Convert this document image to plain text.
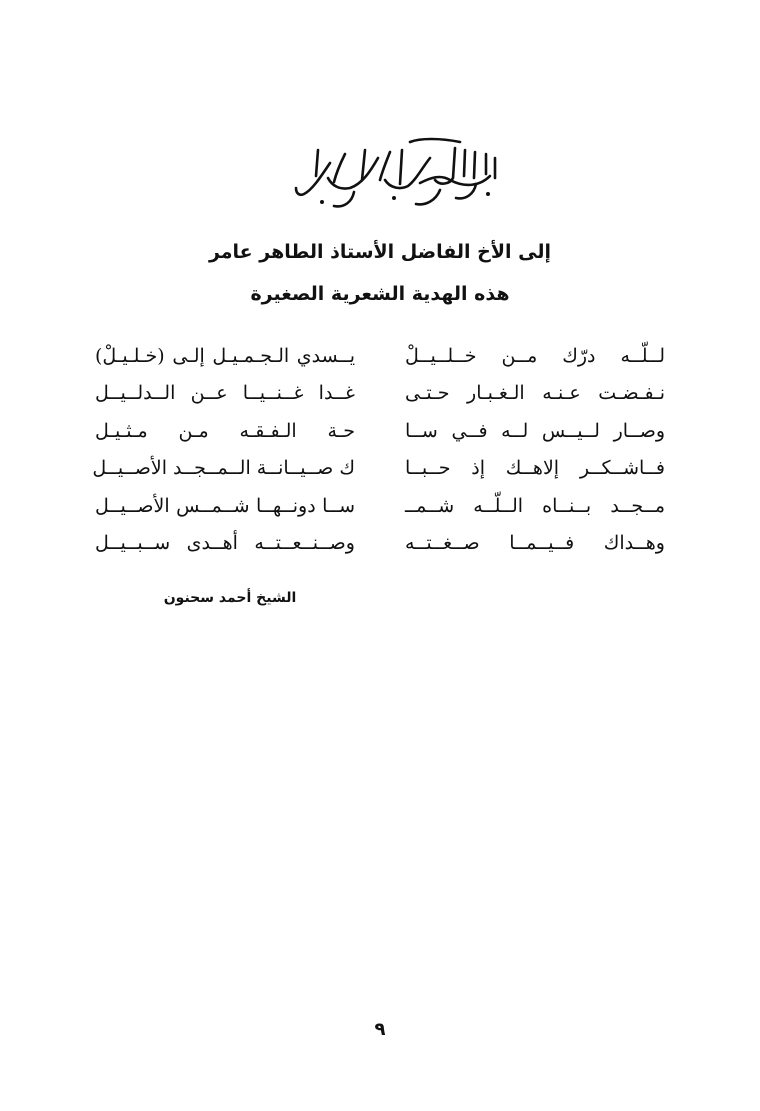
إلى الأخ الفاضل الأستاذ الطاهر عامر
هذه الهدية الشعرية الصغيرة
لــلّــه درّك مــن خــلــيــلْ
يــسدي الـجـمـيـل إلـى (خـلـيـلْ)
نـفـضـت عـنـه الـغـبـار حـتـى
غــدا غــنــيــا عــن الــدلــيــل
وصــار لــيــس لــه فــي ســا
حـة الـفـقـه مـن مـثـيـل
فــاشــكــر إلاهــك إذ حــبــا
ك صــيــانــة الــمــجــد الأصــيــل
مــجــد بــنــاه الــلّــه شــمــ
ســا دونــهــا شــمــس الأصــيــل
وهــداك فــيــمــا صــغــتــه
وصــنــعــتــه أهــدى ســبــيــل
الشيخ أحمد سحنون
٩
